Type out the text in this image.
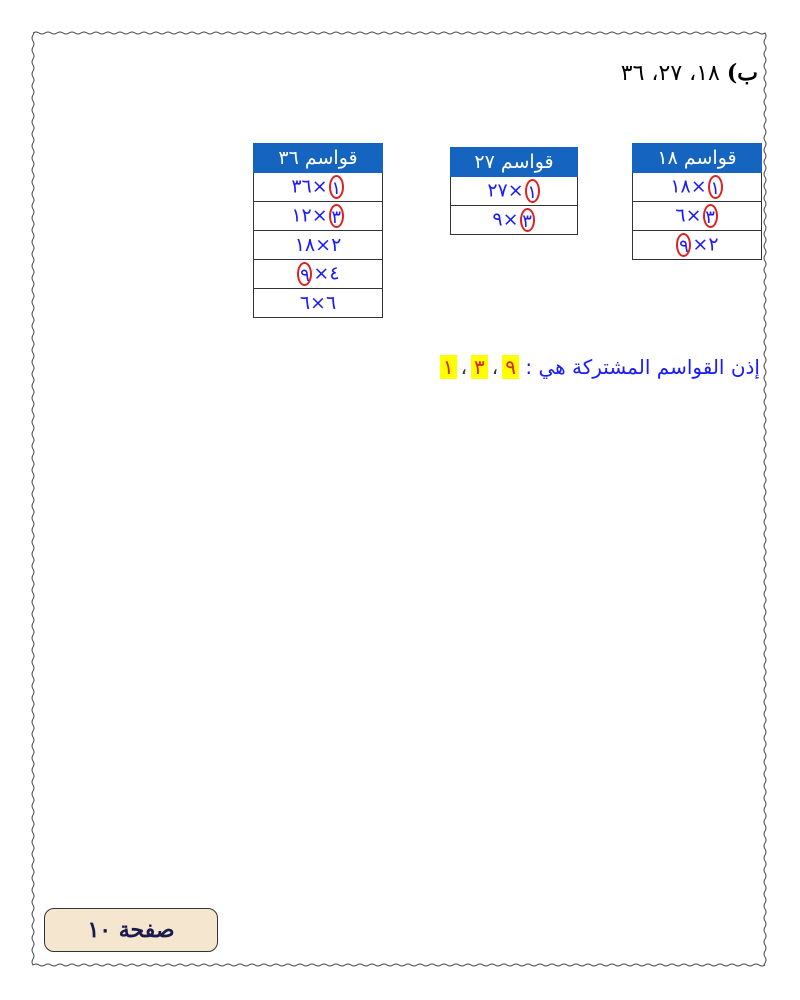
ب) ١٨، ٢٧، ٣٦
قواسم ١٨
١×١٨
٣×٦
٢×٩
قواسم ٢٧
١×٢٧
٣×٩
قواسم ٣٦
١×٣٦
٣×١٢
٢×١٨
٤×٩
٦×٦
إذن القواسم المشتركة هي : ١ ، ٣ ، ٩
صفحة ١٠
